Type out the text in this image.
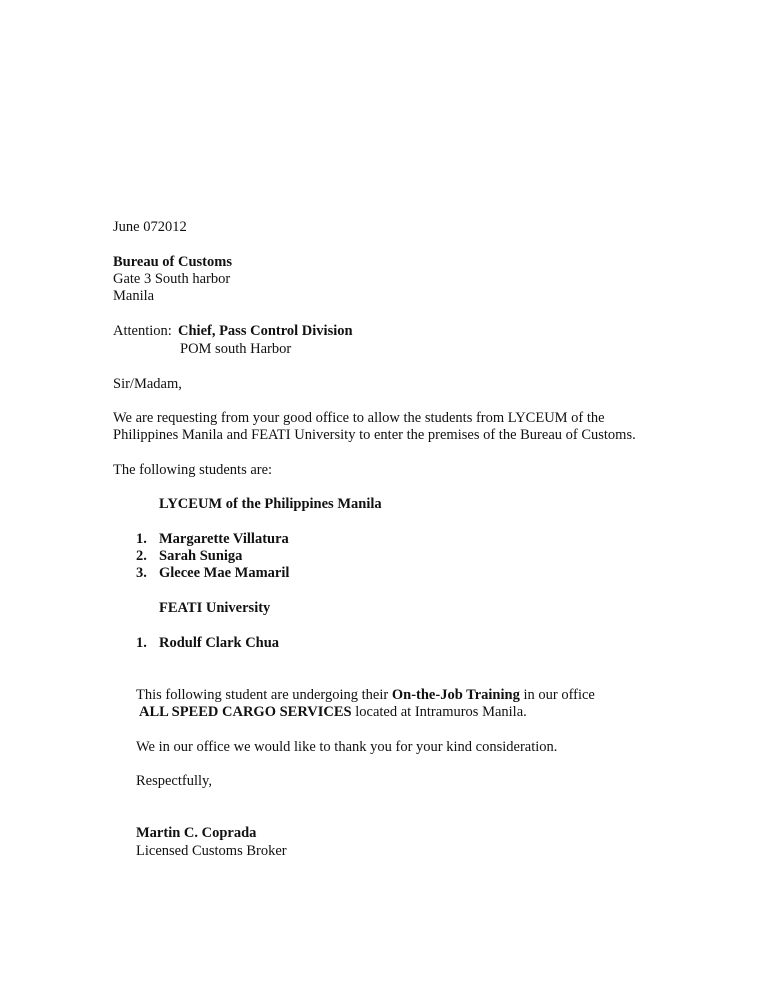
June 072012
Bureau of Customs
Gate 3 South harbor
Manila
Attention: Chief, Pass Control Division
POM south Harbor
Sir/Madam,
We are requesting from your good office to allow the students from LYCEUM of the
Philippines Manila and FEATI University to enter the premises of the Bureau of Customs.
The following students are:
LYCEUM of the Philippines Manila
1. Margarette Villatura
2. Sarah Suniga
3. Glecee Mae Mamaril
FEATI University
1. Rodulf Clark Chua
This following student are undergoing their On-the-Job Training in our office
ALL SPEED CARGO SERVICES located at Intramuros Manila.
We in our office we would like to thank you for your kind consideration.
Respectfully,
Martin C. Coprada
Licensed Customs Broker
